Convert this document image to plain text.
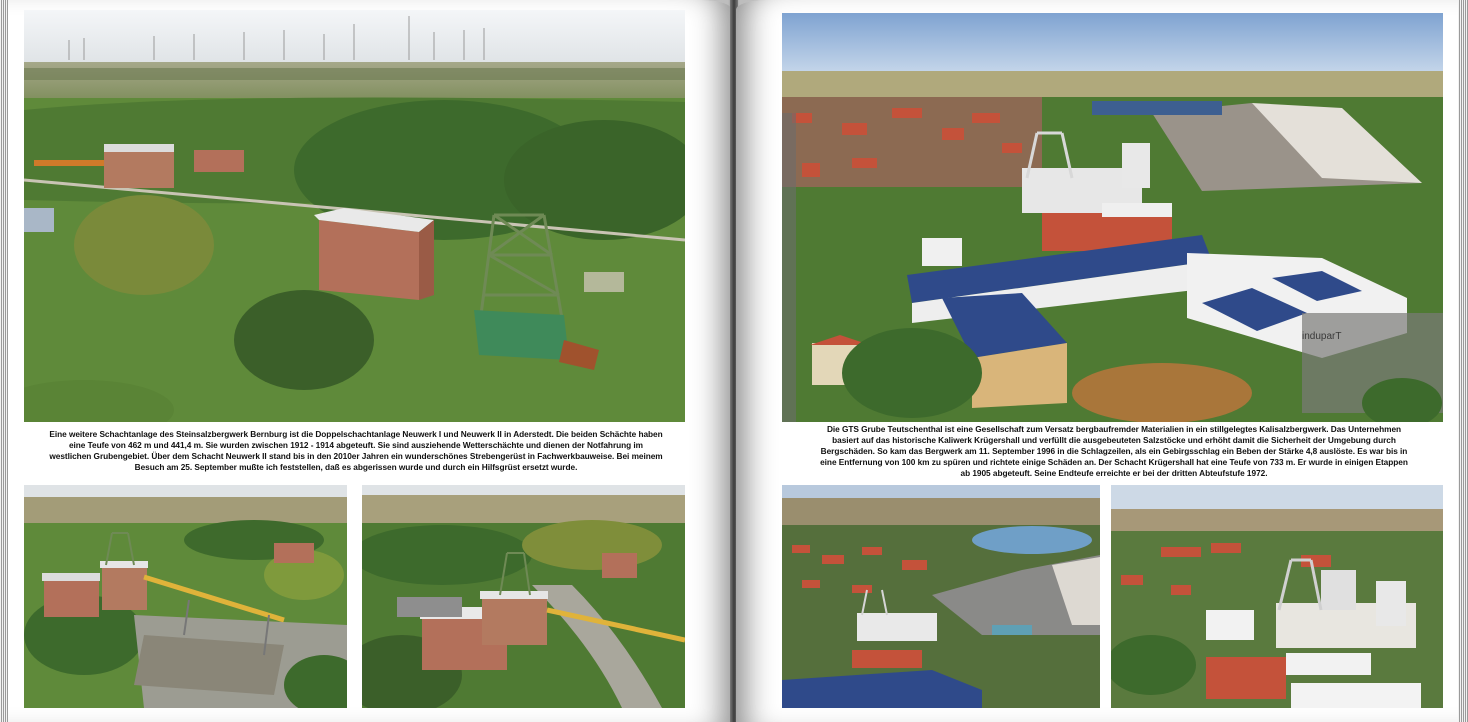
Eine weitere Schachtanlage des Steinsalzbergwerk Bernburg ist die Doppelschachtanlage Neuwerk I und Neuwerk II in Aderstedt. Die beiden Schächte haben eine Teufe von 462 m und 441,4 m. Sie wurden zwischen 1912 - 1914 abgeteuft. Sie sind ausziehende Wetterschächte und dienen der Notfahrung im westlichen Grubengebiet. Über dem Schacht Neuwerk II stand bis in den 2010er Jahren ein wunderschönes Strebengerüst in Fachwerkbauweise. Bei meinem Besuch am 25. September mußte ich feststellen, daß es abgerissen wurde und durch ein Hilfsgrüst ersetzt wurde.
induparT
Die GTS Grube Teutschenthal ist eine Gesellschaft zum Versatz bergbaufremder Materialien in ein stillgelegtes Kalisalzbergwerk. Das Unternehmen basiert auf das historische Kaliwerk Krügershall und verfüllt die ausgebeuteten Salzstöcke und erhöht damit die Sicherheit der Umgebung durch Bergschäden. So kam das Bergwerk am 11. September 1996 in die Schlagzeilen, als ein Gebirgsschlag ein Beben der Stärke 4,8 auslöste. Es war bis in eine Entfernung von 100 km zu spüren und richtete einige Schäden an. Der Schacht Krügershall hat eine Teufe von 733 m. Er wurde in einigen Etappen ab 1905 abgeteuft. Seine Endteufe erreichte er bei der dritten Abteufstufe 1972.
